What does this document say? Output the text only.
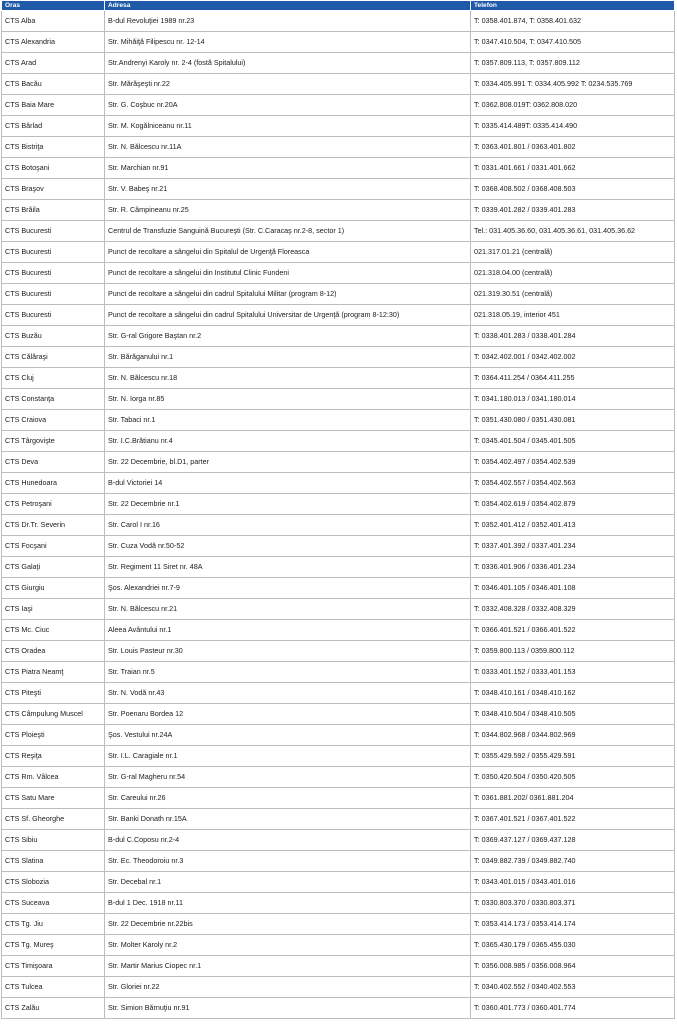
Oras	Adresa	Telefon
CTS Alba	B-dul Revoluţiei 1989 nr.23	T: 0358.401.874, T: 0358.401.632
CTS Alexandria	Str. Mihăiţă Filipescu nr. 12-14	T: 0347.410.504, T: 0347.410.505
CTS Arad	Str.Andrenyi Karoly nr. 2-4 (fostă Spitalului)	T: 0357.809.113, T: 0357.809.112
CTS Bacău	Str. Mărăşeşti nr.22	T: 0334.405.991 T: 0334.405.992 T: 0234.535.769
CTS Baia Mare	Str. G. Coşbuc nr.20A	T: 0362.808.019T: 0362.808.020
CTS Bârlad	Str. M. Kogălniceanu nr.11	T: 0335.414.489T: 0335.414.490
CTS Bistriţa	Str. N. Bălcescu nr.11A	T: 0363.401.801 / 0363.401.802
CTS Botoşani	Str. Marchian nr.91	T: 0331.401.661 / 0331.401.662
CTS Braşov	Str. V. Babeş nr.21	T: 0368.408.502 / 0368.408.503
CTS Brăila	Str. R. Câmpineanu nr.25	T: 0339.401.282 / 0339.401.283
CTS Bucuresti	Centrul de Transfuzie Sanguină Bucureşti (Str. C.Caracaş nr.2-8, sector 1)	Tel.: 031.405.36.60, 031.405.36.61, 031.405.36.62
CTS Bucuresti	Punct de recoltare a sângelui din Spitalul de Urgenţă Floreasca	021.317.01.21 (centrală)
CTS Bucuresti	Punct de recoltare a sângelui din Institutul Clinic Fundeni	021.318.04.00 (centrală)
CTS Bucuresti	Punct de recoltare a sângelui din cadrul Spitalului Militar (program 8-12)	021.319.30.51 (centrală)
CTS Bucuresti	Punct de recoltare a sângelui din cadrul Spitalului Universitar de Urgenţă (program 8-12:30)	021.318.05.19, interior 451
CTS Buzău	Str. G-ral Grigore Baştan nr.2	T: 0338.401.283 / 0338.401.284
CTS Călăraşi	Str. Bărăganului nr.1	T: 0342.402.001 / 0342.402.002
CTS Cluj	Str. N. Bălcescu nr.18	T: 0364.411.254 / 0364.411.255
CTS Constanţa	Str. N. Iorga nr.85	T: 0341.180.013 / 0341.180.014
CTS Craiova	Str. Tabaci nr.1	T: 0351.430.080 / 0351.430.081
CTS Târgovişte	Str. I.C.Brătianu nr.4	T: 0345.401.504 / 0345.401.505
CTS Deva	Str. 22 Decembrie, bl.D1, parter	T: 0354.402.497 / 0354.402.539
CTS Hunedoara	B-dul Victoriei 14	T: 0354.402.557 / 0354.402.563
CTS Petroşani	Str. 22 Decembrie nr.1	T: 0354.402.619 / 0354.402.879
CTS Dr.Tr. Severin	Str. Carol I nr.16	T: 0352.401.412 / 0352.401.413
CTS Focşani	Str. Cuza Vodă nr.50-52	T: 0337.401.392 / 0337.401.234
CTS Galaţi	Str. Regiment 11 Siret nr. 48A	T: 0336.401.906 / 0336.401.234
CTS Giurgiu	Şos. Alexandriei nr.7-9	T: 0346.401.105 / 0346.401.108
CTS Iaşi	Str. N. Bălcescu nr.21	T: 0332.408.328 / 0332.408.329
CTS Mc. Ciuc	Aleea Avântului nr.1	T: 0366.401.521 / 0366.401.522
CTS Oradea	Str. Louis Pasteur nr.30	T: 0359.800.113 / 0359.800.112
CTS Piatra Neamţ	Str. Traian nr.5	T: 0333.401.152 / 0333.401.153
CTS Piteşti	Str. N. Vodă nr.43	T: 0348.410.161 / 0348.410.162
CTS Câmpulung Muscel	Str. Poenaru Bordea 12	T: 0348.410.504 / 0348.410.505
CTS Ploieşti	Şos. Vestului nr.24A	T: 0344.802.968 / 0344.802.969
CTS Reşiţa	Str. I.L. Caragiale nr.1	T: 0355.429.592 / 0355.429.591
CTS Rm. Vâlcea	Str. G-ral Magheru nr.54	T: 0350.420.504 / 0350.420.505
CTS Satu Mare	Str. Careului nr.26	T: 0361.881.202/ 0361.881.204
CTS Sf. Gheorghe	Str. Banki Donath nr.15A	T: 0367.401.521 / 0367.401.522
CTS Sibiu	B-dul C.Coposu nr.2-4	T: 0369.437.127 / 0369.437.128
CTS Slatina	Str. Ec. Theodoroiu nr.3	T: 0349.882.739 / 0349.882.740
CTS Slobozia	Str. Decebal nr.1	T: 0343.401.015 / 0343.401.016
CTS Suceava	B-dul 1 Dec. 1918 nr.11	T: 0330.803.370 / 0330.803.371
CTS Tg. Jiu	Str. 22 Decembrie nr.22bis	T: 0353.414.173 / 0353.414.174
CTS Tg. Mureş	Str. Molter Karoly nr.2	T: 0365.430.179 / 0365.455.030
CTS Timişoara	Str. Martir Marius Ciopec nr.1	T: 0356.008.985 / 0356.008.964
CTS Tulcea	Str. Gloriei nr.22	T: 0340.402.552 / 0340.402.553
CTS Zalău	Str. Simion Bărnuţiu nr.91	T: 0360.401.773 / 0360.401.774
